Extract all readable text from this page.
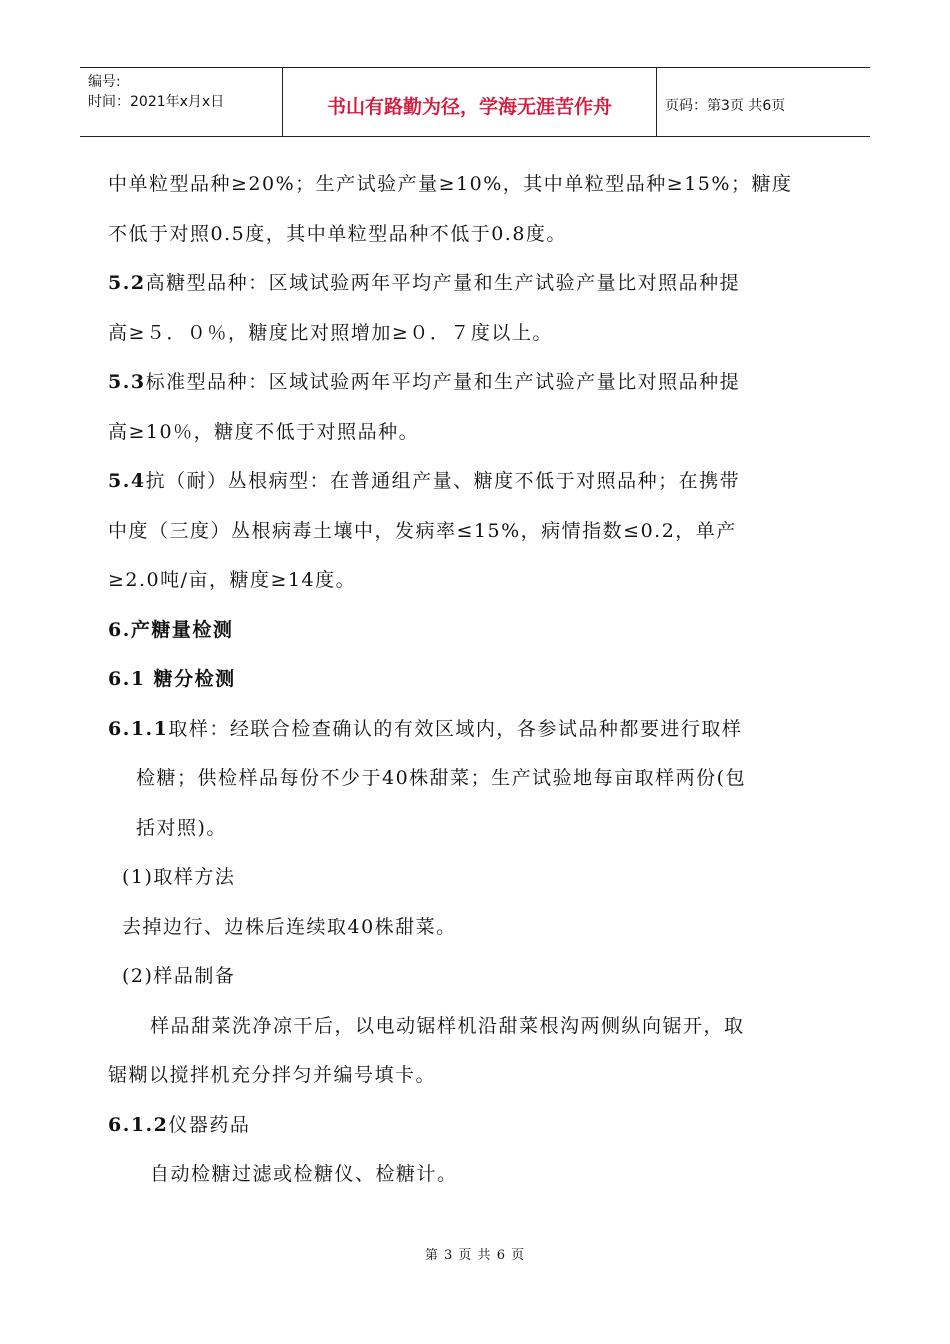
编号:
时间：2021年x月x日	书山有路勤为径，学海无涯苦作舟	页码：第3页 共6页
中单粒型品种≥20%；生产试验产量≥10%，其中单粒型品种≥15%；糖度
不低于对照0.5度，其中单粒型品种不低于0.8度。
5.2高糖型品种：区域试验两年平均产量和生产试验产量比对照品种提
高≥５．０％，糖度比对照增加≥０．７度以上。
5.3标准型品种：区域试验两年平均产量和生产试验产量比对照品种提
高≥10％，糖度不低于对照品种。
5.4抗（耐）丛根病型：在普通组产量、糖度不低于对照品种；在携带
中度（三度）丛根病毒土壤中，发病率≤15%，病情指数≤0.2，单产
≥2.0吨/亩，糖度≥14度。
6.产糖量检测
6.1 糖分检测
6.1.1取样：经联合检查确认的有效区域内，各参试品种都要进行取样
检糖；供检样品每份不少于40株甜菜；生产试验地每亩取样两份(包
括对照)。
(1)取样方法
去掉边行、边株后连续取40株甜菜。
(2)样品制备
样品甜菜洗净凉干后，以电动锯样机沿甜菜根沟两侧纵向锯开，取
锯糊以搅拌机充分拌匀并编号填卡。
6.1.2仪器药品
自动检糖过滤或检糖仪、检糖计。
第 3 页 共 6 页
